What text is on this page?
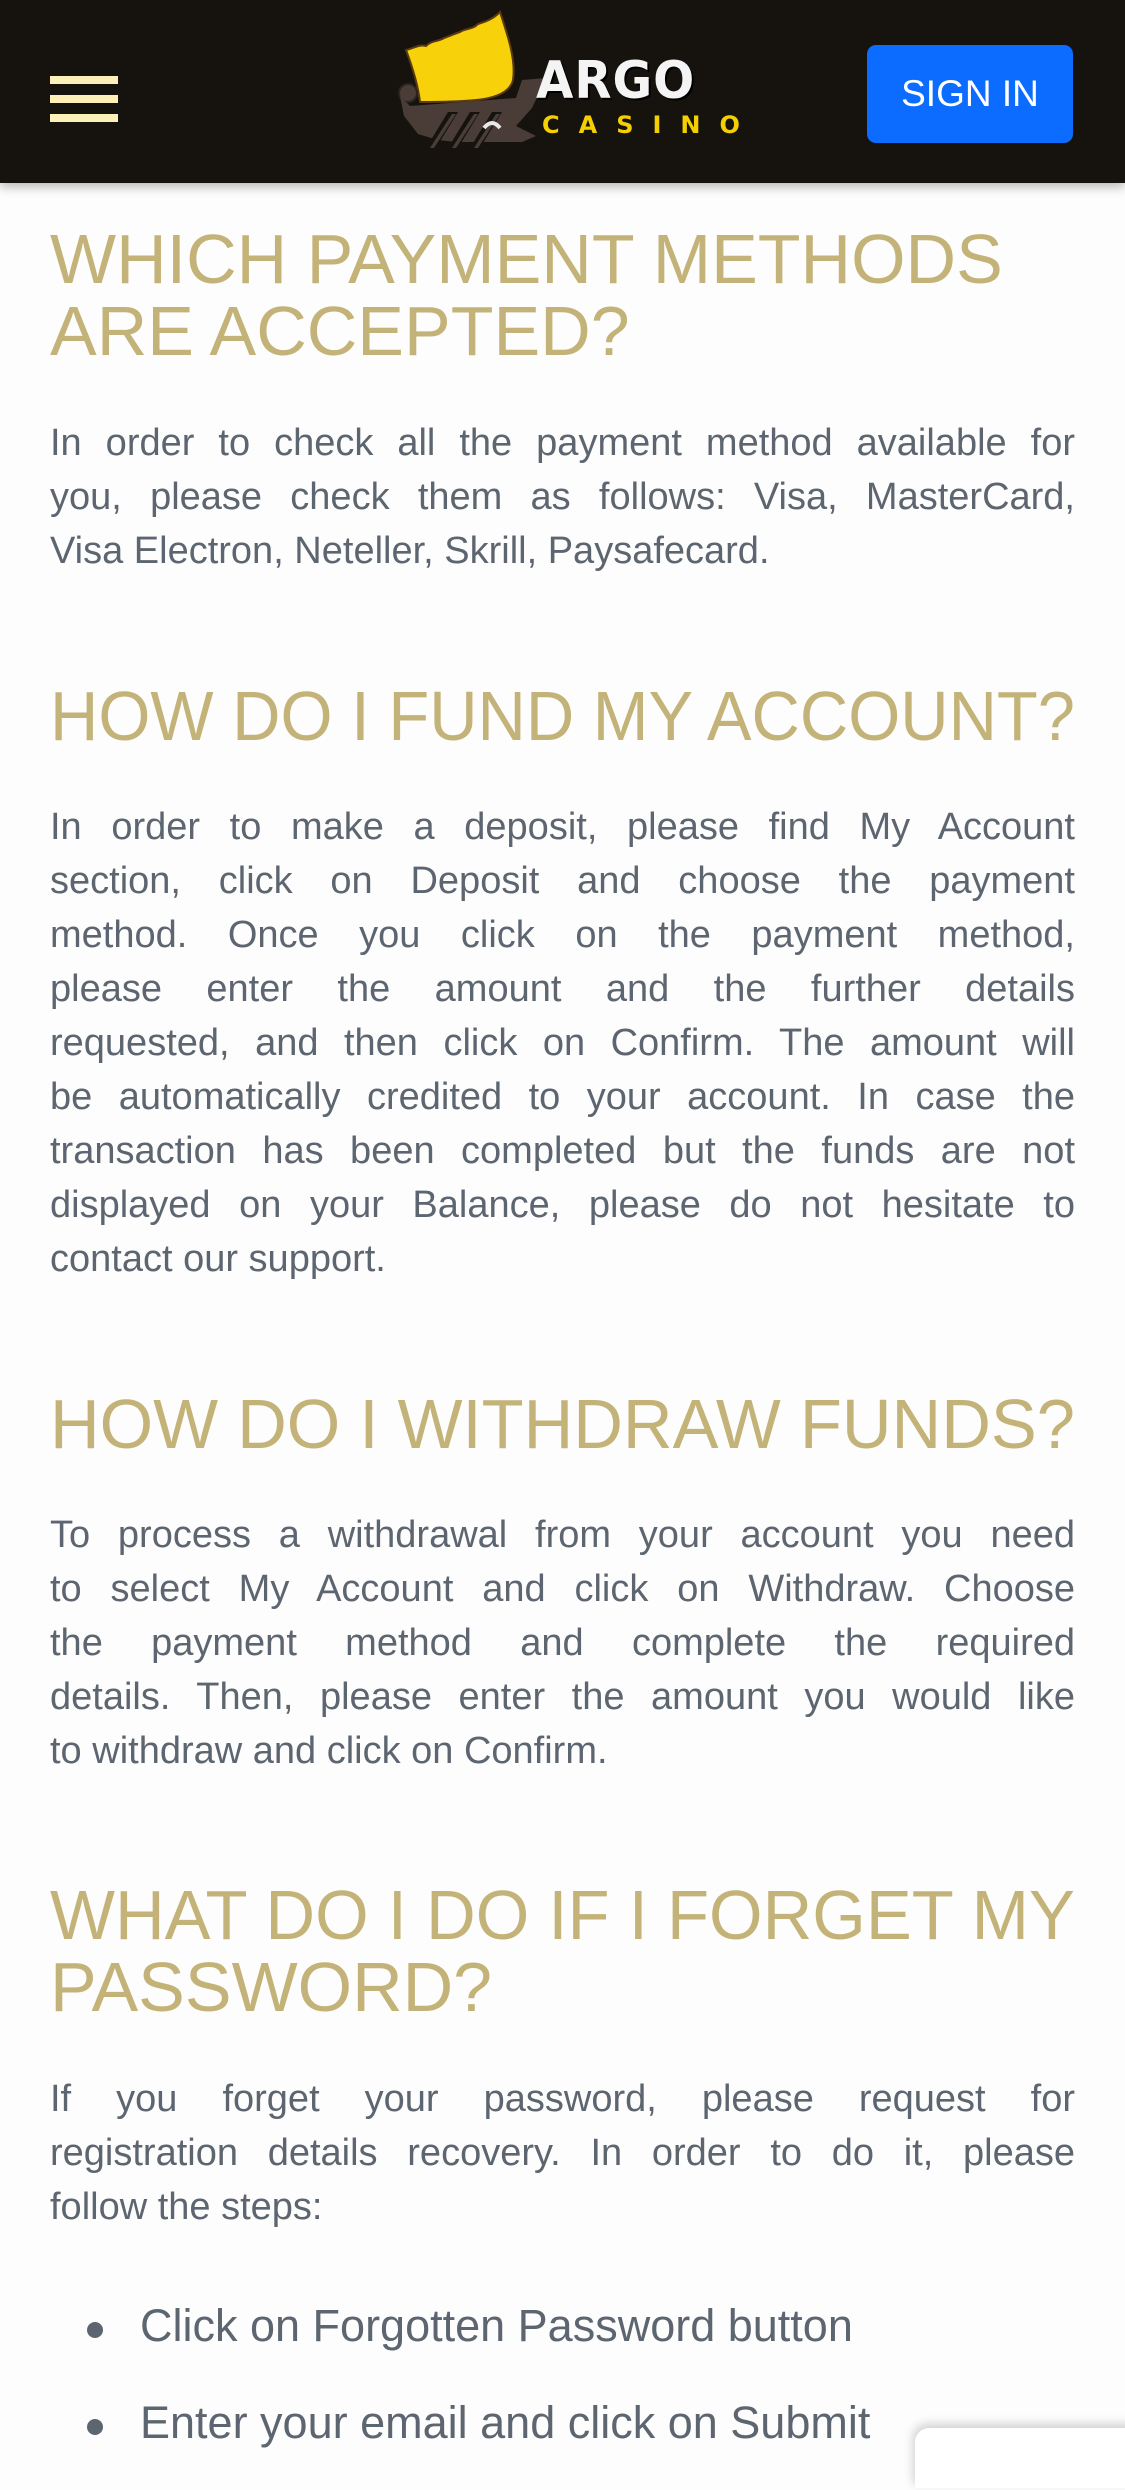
ARGO
CASINO
SIGN IN
WHICH PAYMENT METHODS
ARE ACCEPTED?
In order to check all the payment method available for
you, please check them as follows: Visa, MasterCard,
Visa Electron, Neteller, Skrill, Paysafecard.
HOW DO I FUND MY ACCOUNT?
In order to make a deposit, please find My Account
section, click on Deposit and choose the payment
method. Once you click on the payment method,
please enter the amount and the further details
requested, and then click on Confirm. The amount will
be automatically credited to your account. In case the
transaction has been completed but the funds are not
displayed on your Balance, please do not hesitate to
contact our support.
HOW DO I WITHDRAW FUNDS?
To process a withdrawal from your account you need
to select My Account and click on Withdraw. Choose
the payment method and complete the required
details. Then, please enter the amount you would like
to withdraw and click on Confirm.
WHAT DO I DO IF I FORGET MY
PASSWORD?
If you forget your password, please request for
registration details recovery. In order to do it, please
follow the steps:
Click on Forgotten Password button
Enter your email and click on Submit
